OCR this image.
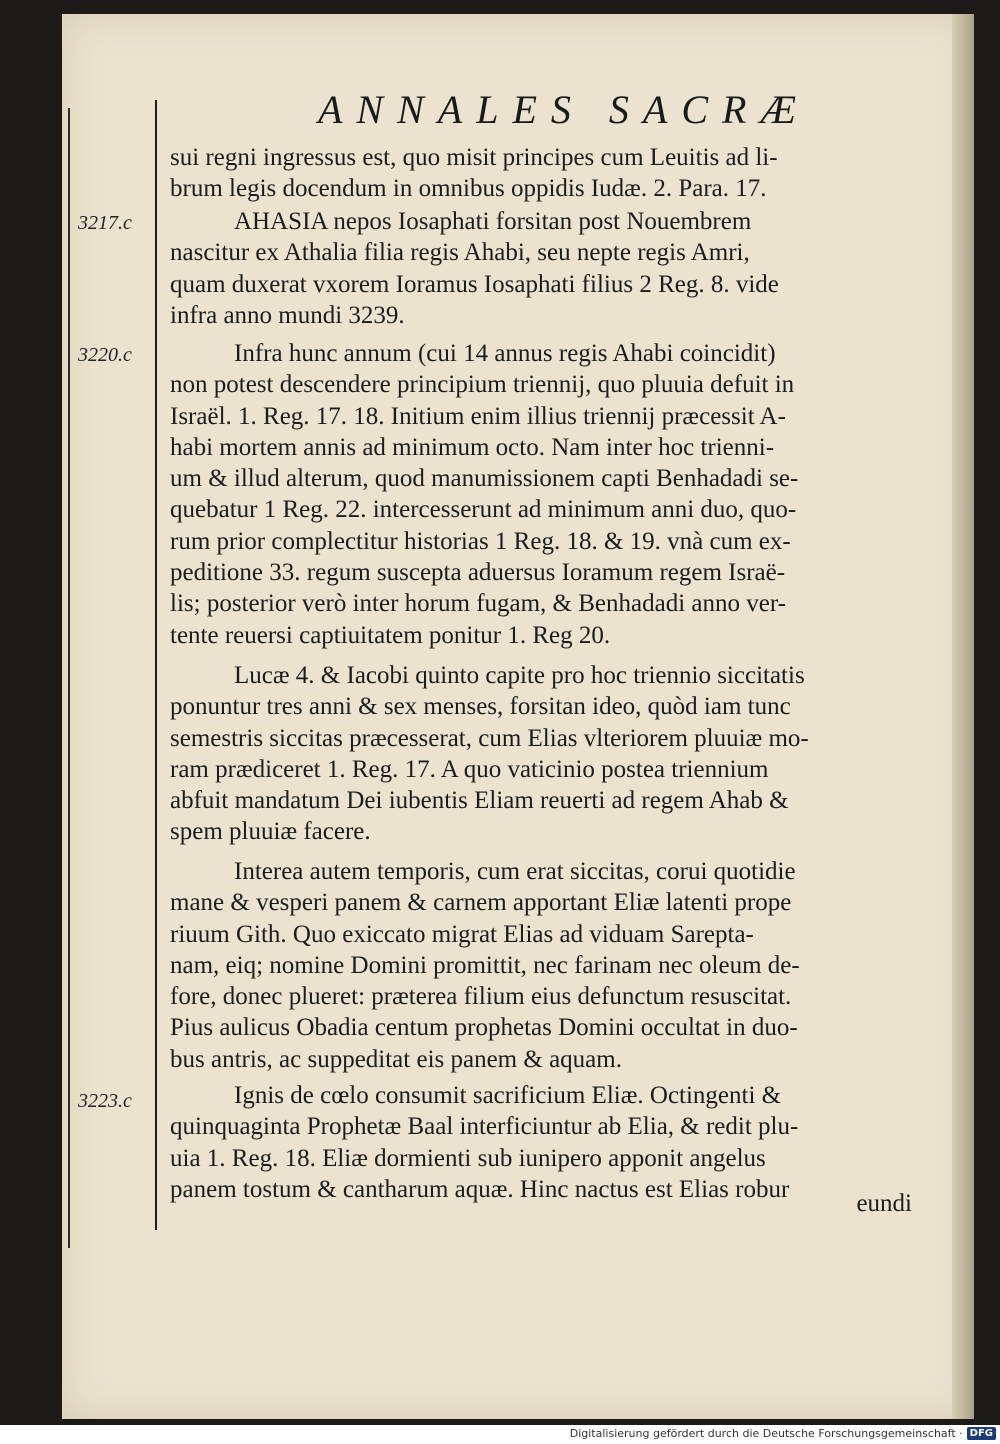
ANNALES SACRÆ
3217.c
3220.c
3223.c
sui regni ingressus est, quo misit principes cum Leuitis ad li-
brum legis docendum in omnibus oppidis Iudæ. 2. Para. 17.
AHASIA nepos Iosaphati forsitan post Nouembrem
nascitur ex Athalia filia regis Ahabi, seu nepte regis Amri,
quam duxerat vxorem Ioramus Iosaphati filius 2 Reg. 8. vide
infra anno mundi 3239.
Infra hunc annum (cui 14 annus regis Ahabi coincidit)
non potest descendere principium triennij, quo pluuia defuit in
Israël. 1. Reg. 17. 18. Initium enim illius triennij præcessit A-
habi mortem annis ad minimum octo. Nam inter hoc trienni-
um & illud alterum, quod manumissionem capti Benhadadi se-
quebatur 1 Reg. 22. intercesserunt ad minimum anni duo, quo-
rum prior complectitur historias 1 Reg. 18. & 19. vnà cum ex-
peditione 33. regum suscepta aduersus Ioramum regem Israë-
lis; posterior verò inter horum fugam, & Benhadadi anno ver-
tente reuersi captiuitatem ponitur 1. Reg 20.
Lucæ 4. & Iacobi quinto capite pro hoc triennio siccitatis
ponuntur tres anni & sex menses, forsitan ideo, quòd iam tunc
semestris siccitas præcesserat, cum Elias vlteriorem pluuiæ mo-
ram prædiceret 1. Reg. 17. A quo vaticinio postea triennium
abfuit mandatum Dei iubentis Eliam reuerti ad regem Ahab &
spem pluuiæ facere.
Interea autem temporis, cum erat siccitas, corui quotidie
mane & vesperi panem & carnem apportant Eliæ latenti prope
riuum Gith. Quo exiccato migrat Elias ad viduam Sarepta-
nam, eiq; nomine Domini promittit, nec farinam nec oleum de-
fore, donec plueret: præterea filium eius defunctum resuscitat.
Pius aulicus Obadia centum prophetas Domini occultat in duo-
bus antris, ac suppeditat eis panem & aquam.
Ignis de cœlo consumit sacrificium Eliæ. Octingenti &
quinquaginta Prophetæ Baal interficiuntur ab Elia, & redit plu-
uia 1. Reg. 18. Eliæ dormienti sub iunipero apponit angelus
panem tostum & cantharum aquæ. Hinc nactus est Elias robur
eundi
Digitalisierung gefördert durch die Deutsche Forschungsgemeinschaft · DFG
